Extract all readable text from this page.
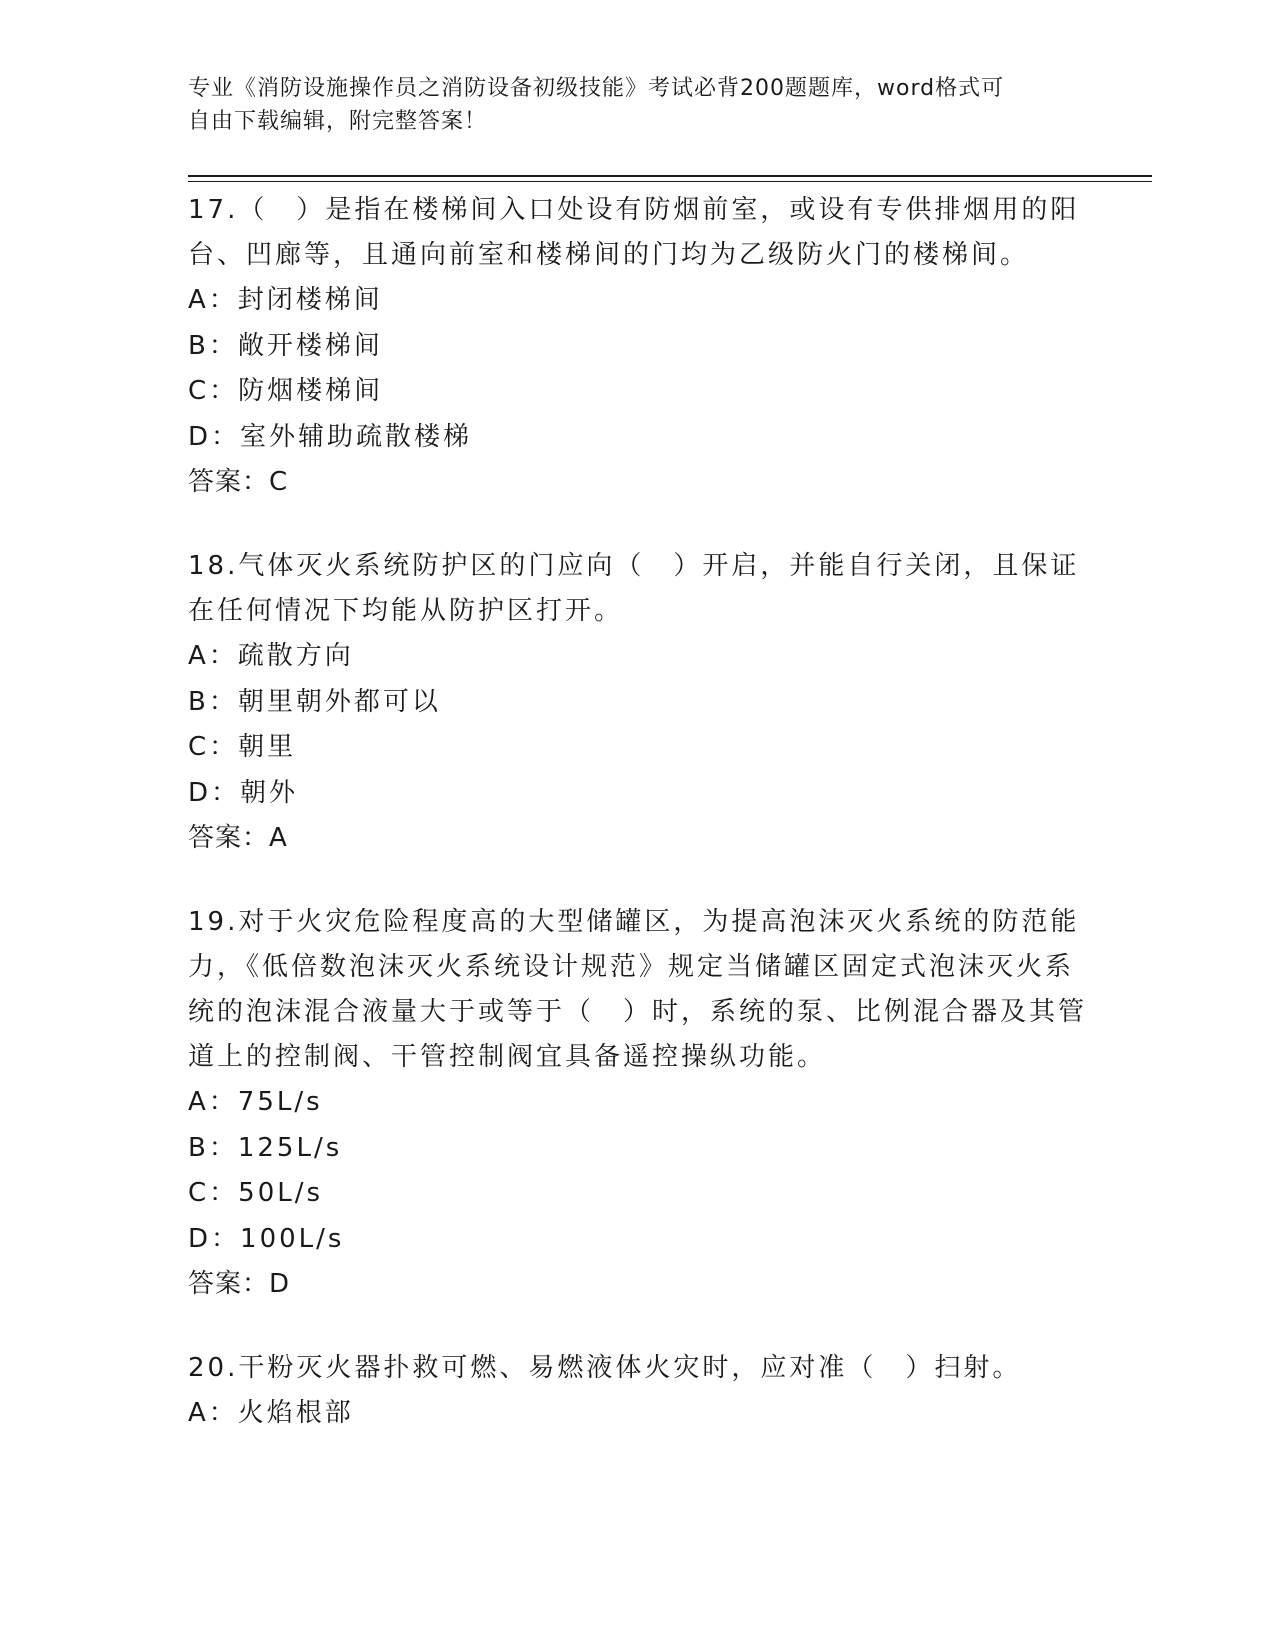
专业《消防设施操作员之消防设备初级技能》考试必背200题题库，word格式可
自由下载编辑，附完整答案！

17.（　）是指在楼梯间入口处设有防烟前室，或设有专供排烟用的阳台、凹廊等，且通向前室和楼梯间的门均为乙级防火门的楼梯间。

A：封闭楼梯间

B：敞开楼梯间

C：防烟楼梯间

D：室外辅助疏散楼梯

答案：C

18.气体灭火系统防护区的门应向（　）开启，并能自行关闭，且保证在任何情况下均能从防护区打开。

A：疏散方向

B：朝里朝外都可以

C：朝里

D：朝外

答案：A

19.对于火灾危险程度高的大型储罐区，为提高泡沫灭火系统的防范能力，《低倍数泡沫灭火系统设计规范》规定当储罐区固定式泡沫灭火系统的泡沫混合液量大于或等于（　）时，系统的泵、比例混合器及其管道上的控制阀、干管控制阀宜具备遥控操纵功能。

A：75L/s

B：125L/s

C：50L/s

D：100L/s

答案：D

20.干粉灭火器扑救可燃、易燃液体火灾时，应对准（　）扫射。

A：火焰根部
